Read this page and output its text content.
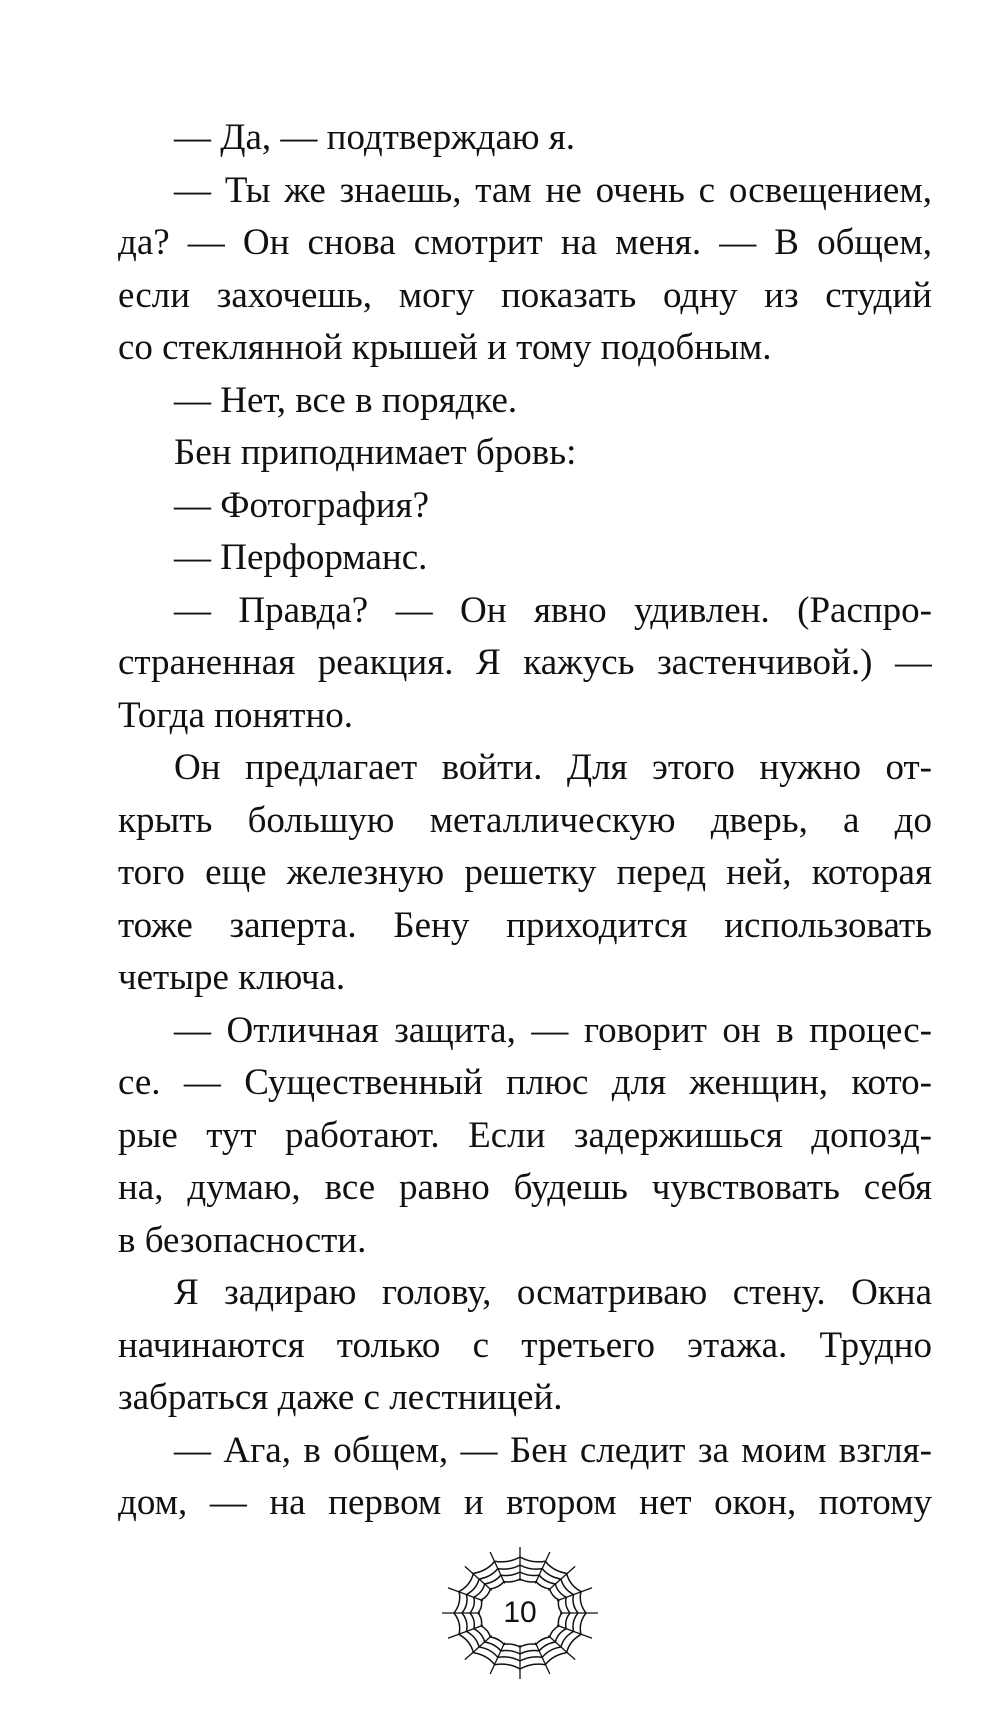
— Да, — подтверждаю я.
— Ты же знаешь, там не очень с освещением,
да? — Он снова смотрит на меня. — В общем,
если захочешь, могу показать одну из студий
со стеклянной крышей и тому подобным.
— Нет, все в порядке.
Бен приподнимает бровь:
— Фотография?
— Перформанс.
— Правда? — Он явно удивлен. (Распро-
страненная реакция. Я кажусь застенчивой.) —
Тогда понятно.
Он предлагает войти. Для этого нужно от-
крыть большую металлическую дверь, а до
того еще железную решетку перед ней, которая
тоже заперта. Бену приходится использовать
четыре ключа.
— Отличная защита, — говорит он в процес-
се. — Существенный плюс для женщин, кото-
рые тут работают. Если задержишься допозд-
на, думаю, все равно будешь чувствовать себя
в безопасности.
Я задираю голову, осматриваю стену. Окна
начинаются только с третьего этажа. Трудно
забраться даже с лестницей.
— Ага, в общем, — Бен следит за моим взгля-
дом, — на первом и втором нет окон, потому
10
